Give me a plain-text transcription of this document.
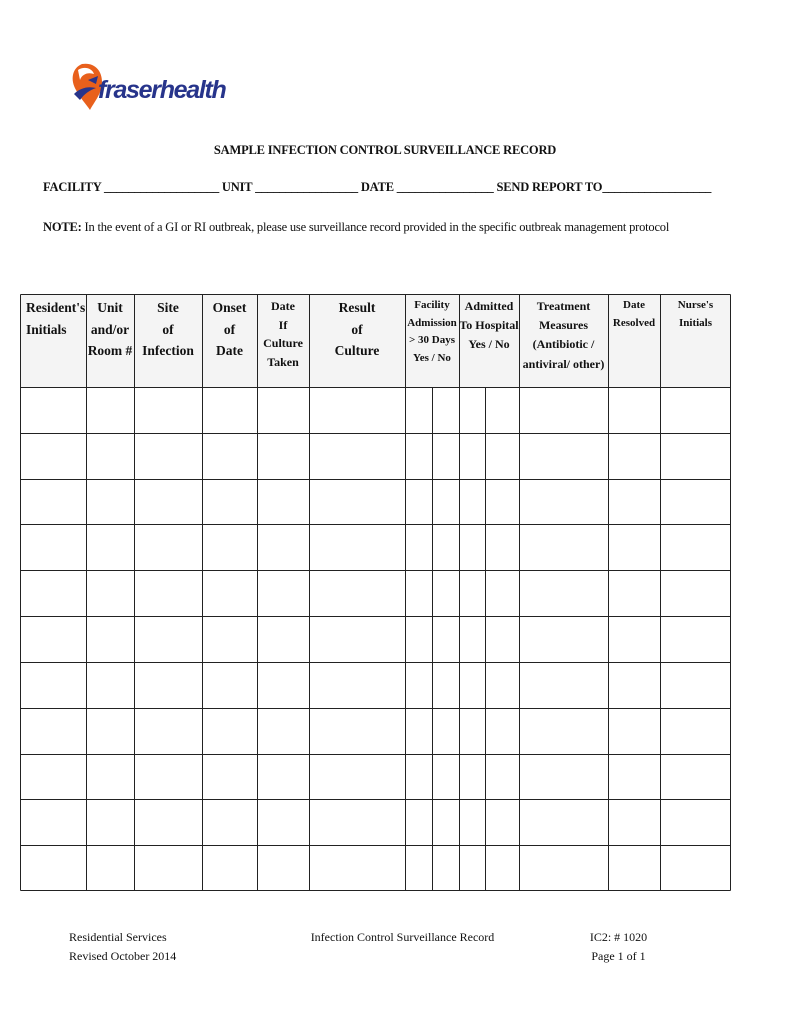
fraserhealth
SAMPLE INFECTION CONTROL SURVEILLANCE RECORD
FACILITY ___________________ UNIT _________________ DATE ________________ SEND REPORT TO__________________
NOTE: In the event of a GI or RI outbreak, please use surveillance record provided in the specific outbreak management protocol
Resident's
Initials
Unit
and/or
Room #
Site
of
Infection
Onset
of
Date
Date
If
Culture
Taken
Result
of
Culture
Facility
Admission
> 30 Days
Yes / No
Admitted
To Hospital
Yes / No
Treatment
Measures
(Antibiotic /
antiviral/ other)
Date
Resolved
Nurse's
Initials
Residential Services
Revised October 2014
Infection Control Surveillance Record	IC2: # 1020
Page 1 of 1
